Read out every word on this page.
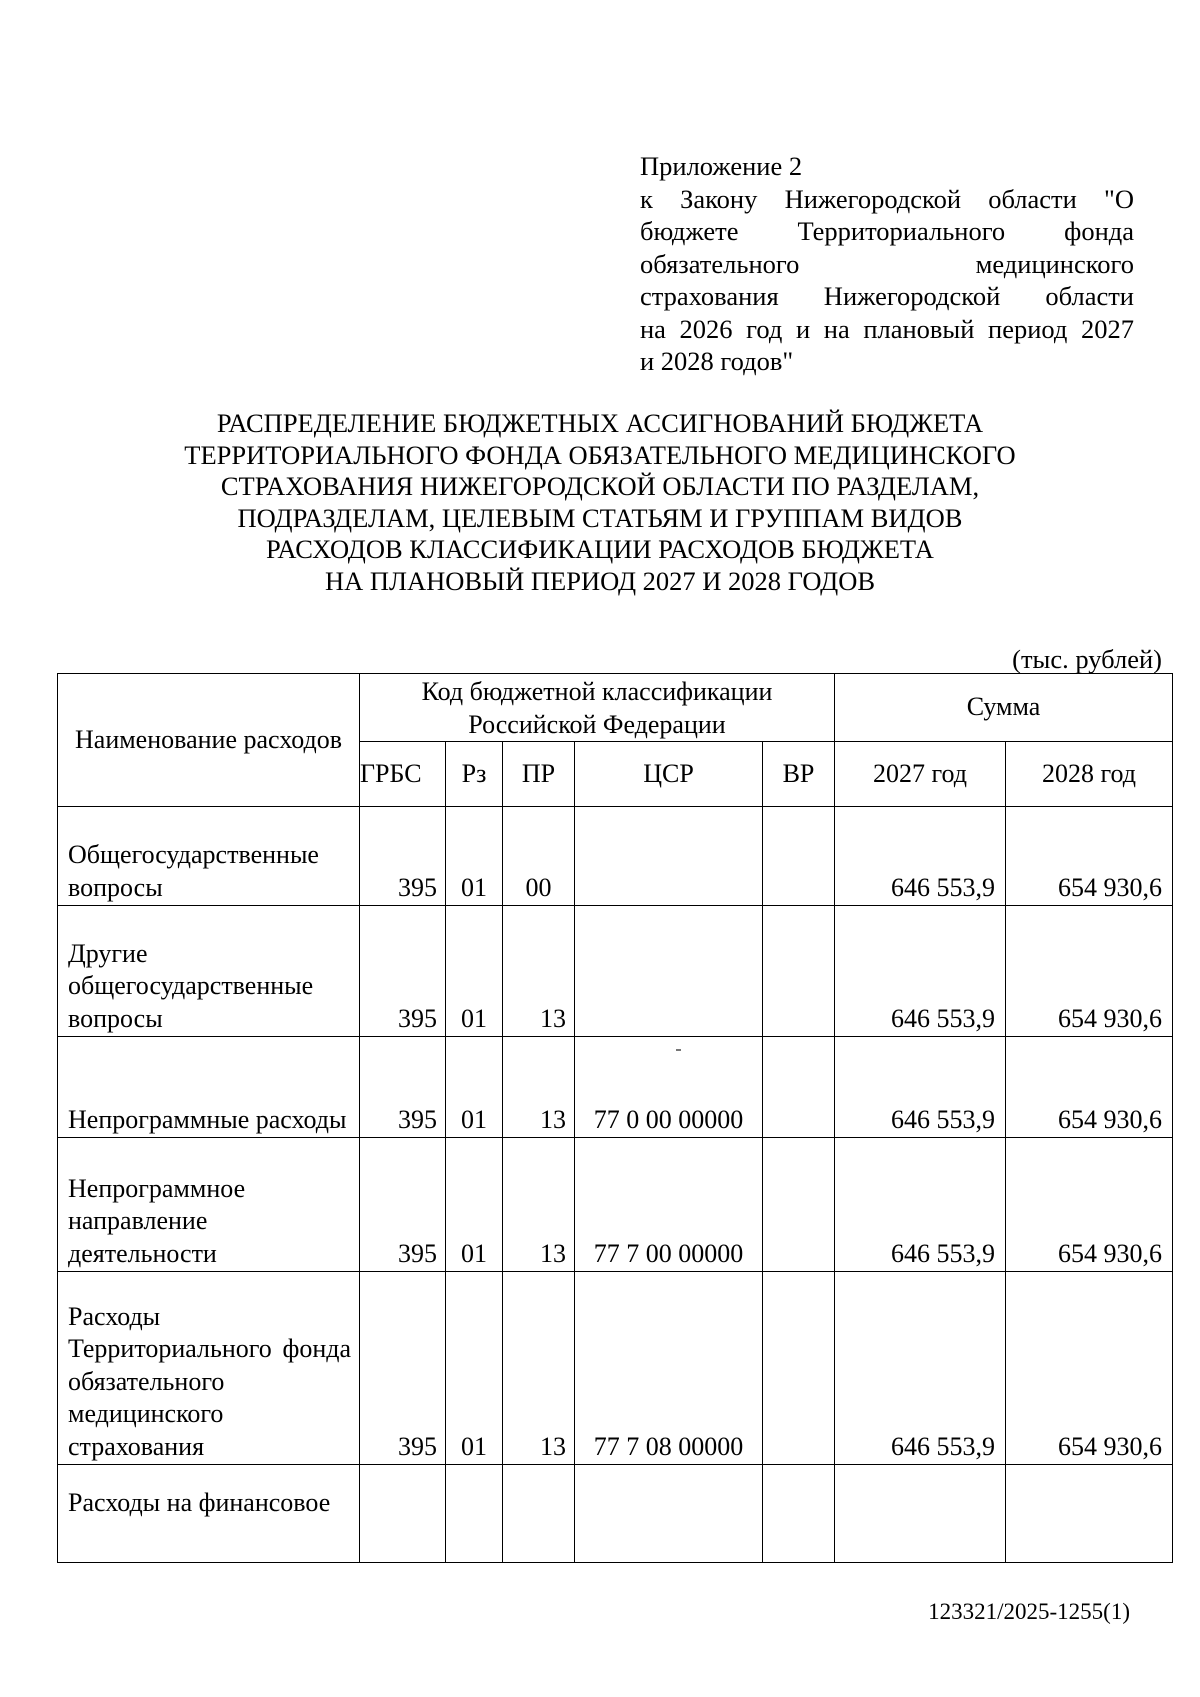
Приложение 2
к Закону Нижегородской области "О
бюджете Территориального фонда
обязательного медицинского
страхования Нижегородской области
на 2026 год и на плановый период 2027
и 2028 годов"
РАСПРЕДЕЛЕНИЕ БЮДЖЕТНЫХ АССИГНОВАНИЙ БЮДЖЕТА
ТЕРРИТОРИАЛЬНОГО ФОНДА ОБЯЗАТЕЛЬНОГО МЕДИЦИНСКОГО
СТРАХОВАНИЯ НИЖЕГОРОДСКОЙ ОБЛАСТИ ПО РАЗДЕЛАМ,
ПОДРАЗДЕЛАМ, ЦЕЛЕВЫМ СТАТЬЯМ И ГРУППАМ ВИДОВ
РАСХОДОВ КЛАССИФИКАЦИИ РАСХОДОВ БЮДЖЕТА
НА ПЛАНОВЫЙ ПЕРИОД 2027 И 2028 ГОДОВ
(тыс. рублей)
Наименование расходов	Код бюджетной классификации Российской Федерации					Сумма	
	ГРБС	Рз	ПР	ЦСР	ВР	2027 год	2028 год
Общегосударственные вопросы	395	01	00			646 553,9	654 930,6
Другие общегосударственные вопросы	395	01	13			646 553,9	654 930,6
Непрограммные расходы	395	01	13	77 0 00 00000		646 553,9	654 930,6
Непрограммное направление деятельности	395	01	13	77 7 00 00000		646 553,9	654 930,6
Расходы Территориального фонда обязательного медицинского страхования	395	01	13	77 7 08 00000		646 553,9	654 930,6
Расходы на финансовое							
123321/2025-1255(1)
